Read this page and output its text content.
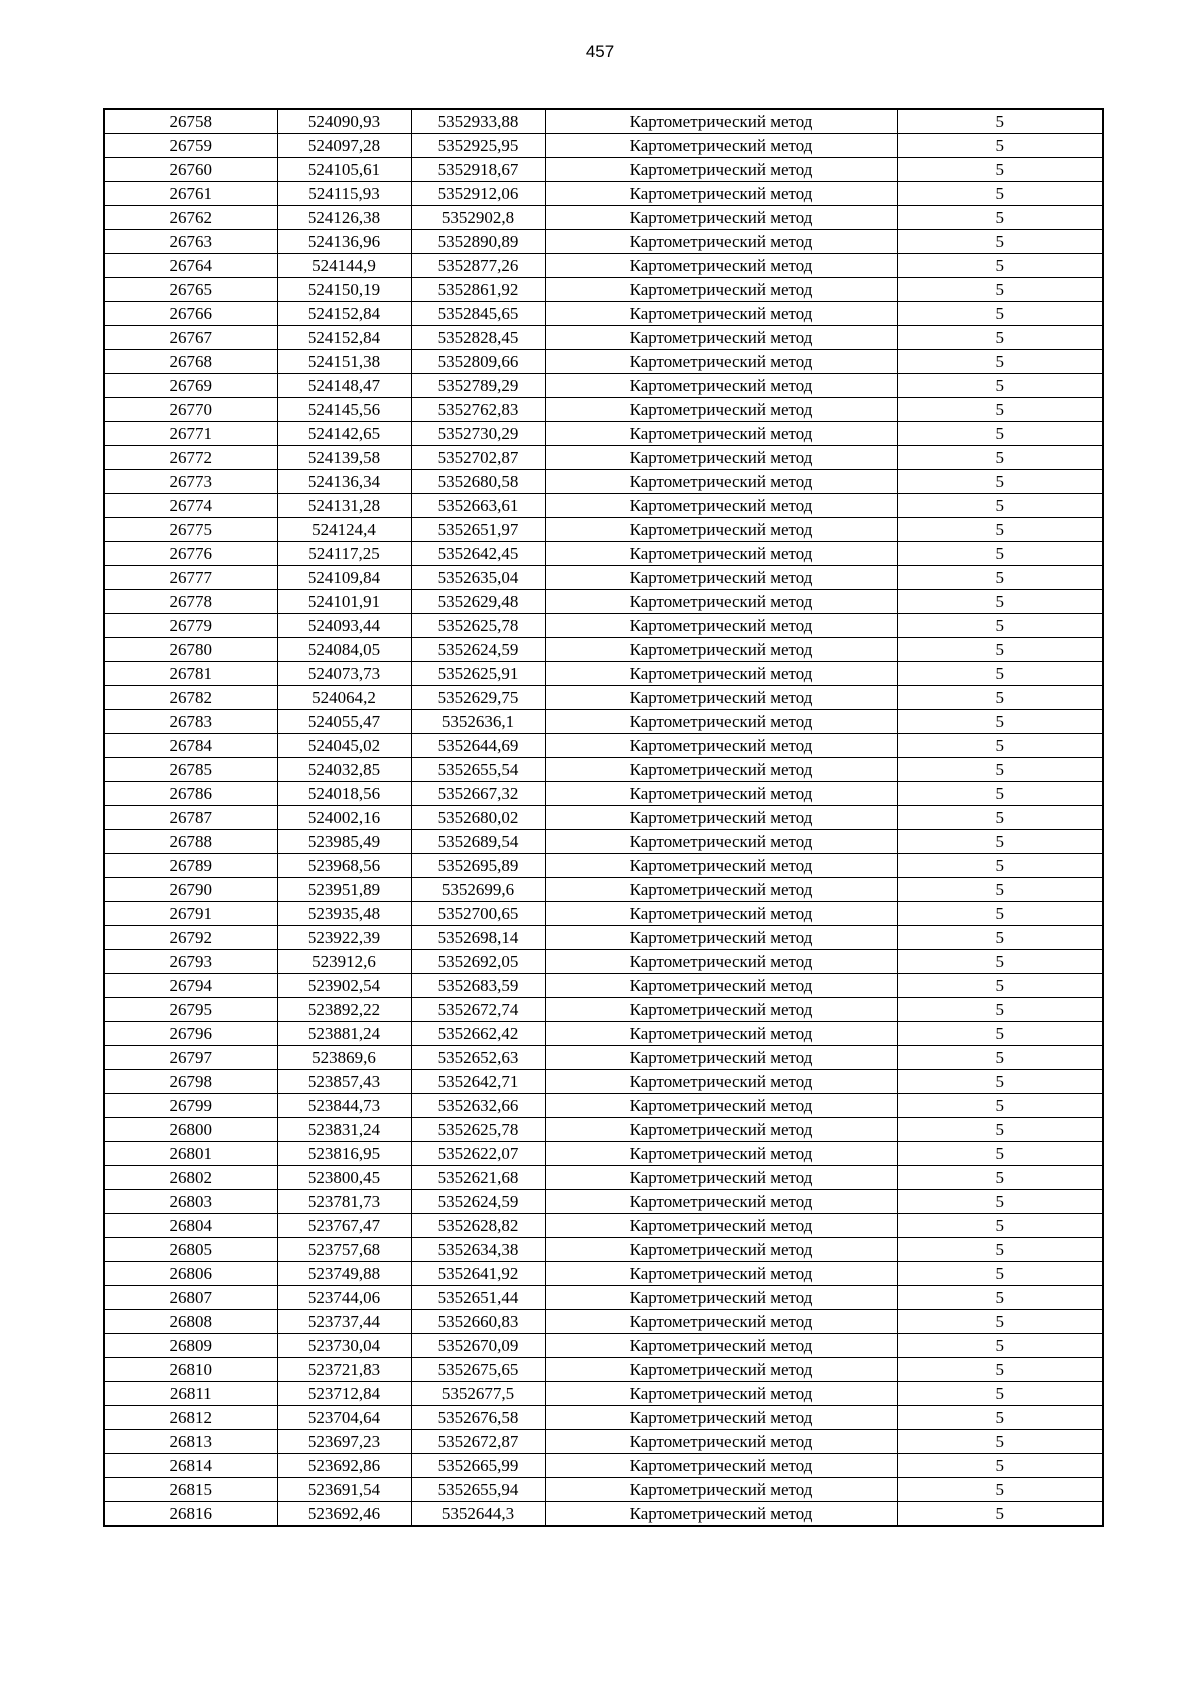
457
26758	524090,93	5352933,88	Картометрический метод	5
26759	524097,28	5352925,95	Картометрический метод	5
26760	524105,61	5352918,67	Картометрический метод	5
26761	524115,93	5352912,06	Картометрический метод	5
26762	524126,38	5352902,8	Картометрический метод	5
26763	524136,96	5352890,89	Картометрический метод	5
26764	524144,9	5352877,26	Картометрический метод	5
26765	524150,19	5352861,92	Картометрический метод	5
26766	524152,84	5352845,65	Картометрический метод	5
26767	524152,84	5352828,45	Картометрический метод	5
26768	524151,38	5352809,66	Картометрический метод	5
26769	524148,47	5352789,29	Картометрический метод	5
26770	524145,56	5352762,83	Картометрический метод	5
26771	524142,65	5352730,29	Картометрический метод	5
26772	524139,58	5352702,87	Картометрический метод	5
26773	524136,34	5352680,58	Картометрический метод	5
26774	524131,28	5352663,61	Картометрический метод	5
26775	524124,4	5352651,97	Картометрический метод	5
26776	524117,25	5352642,45	Картометрический метод	5
26777	524109,84	5352635,04	Картометрический метод	5
26778	524101,91	5352629,48	Картометрический метод	5
26779	524093,44	5352625,78	Картометрический метод	5
26780	524084,05	5352624,59	Картометрический метод	5
26781	524073,73	5352625,91	Картометрический метод	5
26782	524064,2	5352629,75	Картометрический метод	5
26783	524055,47	5352636,1	Картометрический метод	5
26784	524045,02	5352644,69	Картометрический метод	5
26785	524032,85	5352655,54	Картометрический метод	5
26786	524018,56	5352667,32	Картометрический метод	5
26787	524002,16	5352680,02	Картометрический метод	5
26788	523985,49	5352689,54	Картометрический метод	5
26789	523968,56	5352695,89	Картометрический метод	5
26790	523951,89	5352699,6	Картометрический метод	5
26791	523935,48	5352700,65	Картометрический метод	5
26792	523922,39	5352698,14	Картометрический метод	5
26793	523912,6	5352692,05	Картометрический метод	5
26794	523902,54	5352683,59	Картометрический метод	5
26795	523892,22	5352672,74	Картометрический метод	5
26796	523881,24	5352662,42	Картометрический метод	5
26797	523869,6	5352652,63	Картометрический метод	5
26798	523857,43	5352642,71	Картометрический метод	5
26799	523844,73	5352632,66	Картометрический метод	5
26800	523831,24	5352625,78	Картометрический метод	5
26801	523816,95	5352622,07	Картометрический метод	5
26802	523800,45	5352621,68	Картометрический метод	5
26803	523781,73	5352624,59	Картометрический метод	5
26804	523767,47	5352628,82	Картометрический метод	5
26805	523757,68	5352634,38	Картометрический метод	5
26806	523749,88	5352641,92	Картометрический метод	5
26807	523744,06	5352651,44	Картометрический метод	5
26808	523737,44	5352660,83	Картометрический метод	5
26809	523730,04	5352670,09	Картометрический метод	5
26810	523721,83	5352675,65	Картометрический метод	5
26811	523712,84	5352677,5	Картометрический метод	5
26812	523704,64	5352676,58	Картометрический метод	5
26813	523697,23	5352672,87	Картометрический метод	5
26814	523692,86	5352665,99	Картометрический метод	5
26815	523691,54	5352655,94	Картометрический метод	5
26816	523692,46	5352644,3	Картометрический метод	5
